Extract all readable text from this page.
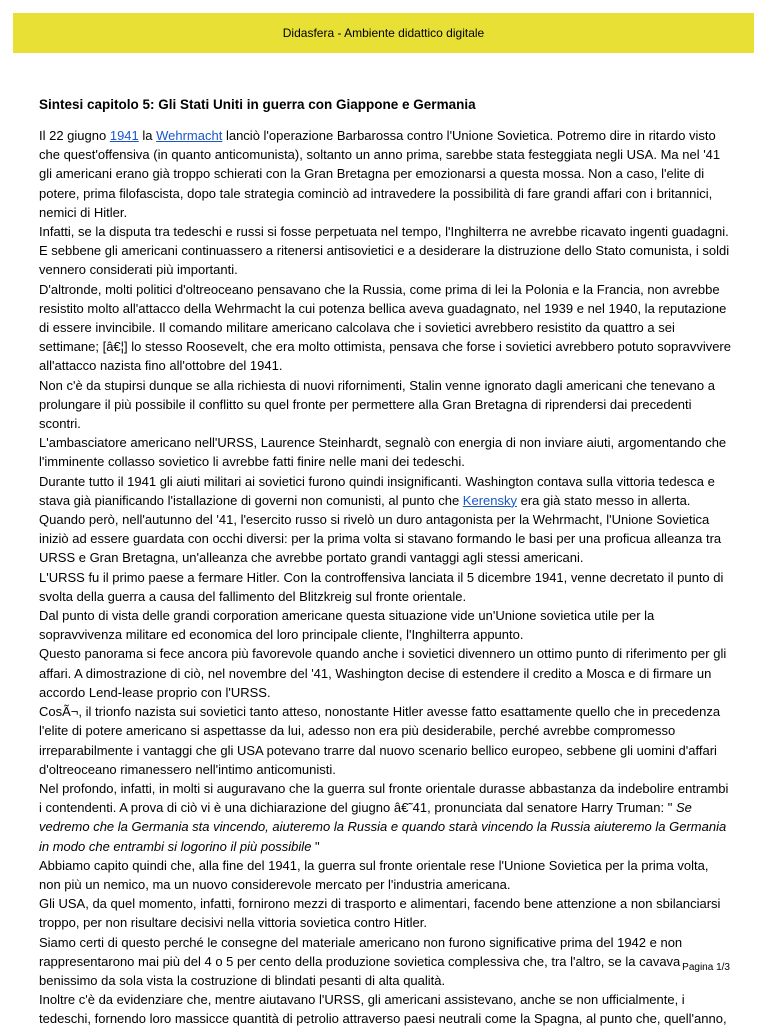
Didasfera - Ambiente didattico digitale
Sintesi capitolo 5: Gli Stati Uniti in guerra con Giappone e Germania

Il 22 giugno 1941 la Wehrmacht lanciò l'operazione Barbarossa contro l'Unione Sovietica. Potremo dire in ritardo visto che quest'offensiva (in quanto anticomunista), soltanto un anno prima, sarebbe stata festeggiata negli USA. Ma nel '41 gli americani erano già troppo schierati con la Gran Bretagna per emozionarsi a questa mossa. Non a caso, l'elite di potere, prima filofascista, dopo tale strategia cominciò ad intravedere la possibilità di fare grandi affari con i britannici, nemici di Hitler.

Infatti, se la disputa tra tedeschi e russi si fosse perpetuata nel tempo, l'Inghilterra ne avrebbe ricavato ingenti guadagni. E sebbene gli americani continuassero a ritenersi antisovietici e a desiderare la distruzione dello Stato comunista, i soldi vennero considerati più importanti.

D'altronde, molti politici d'oltreoceano pensavano che la Russia, come prima di lei la Polonia e la Francia, non avrebbe resistito molto all'attacco della Wehrmacht la cui potenza bellica aveva guadagnato, nel 1939 e nel 1940, la reputazione di essere invincibile. Il comando militare americano calcolava che i sovietici avrebbero resistito da quattro a sei settimane; [â€¦] lo stesso Roosevelt, che era molto ottimista, pensava che forse i sovietici avrebbero potuto sopravvivere all'attacco nazista fino all'ottobre del 1941.

Non c'è da stupirsi dunque se alla richiesta di nuovi rifornimenti, Stalin venne ignorato dagli americani che tenevano a prolungare il più possibile il conflitto su quel fronte per permettere alla Gran Bretagna di riprendersi dai precedenti scontri.

L'ambasciatore americano nell'URSS, Laurence Steinhardt, segnalò con energia di non inviare aiuti, argomentando che l'imminente collasso sovietico li avrebbe fatti finire nelle mani dei tedeschi.

Durante tutto il 1941 gli aiuti militari ai sovietici furono quindi insignificanti. Washington contava sulla vittoria tedesca e stava già pianificando l'istallazione di governi non comunisti, al punto che Kerensky era già stato messo in allerta.

Quando però, nell'autunno del '41, l'esercito russo si rivelò un duro antagonista per la Wehrmacht, l'Unione Sovietica iniziò ad essere guardata con occhi diversi: per la prima volta si stavano formando le basi per una proficua alleanza tra URSS e Gran Bretagna, un'alleanza che avrebbe portato grandi vantaggi agli stessi americani.

L'URSS fu il primo paese a fermare Hitler. Con la controffensiva lanciata il 5 dicembre 1941, venne decretato il punto di svolta della guerra a causa del fallimento del Blitzkreig sul fronte orientale.

Dal punto di vista delle grandi corporation americane questa situazione vide un'Unione sovietica utile per la sopravvivenza militare ed economica del loro principale cliente, l'Inghilterra appunto.

Questo panorama si fece ancora più favorevole quando anche i sovietici divennero un ottimo punto di riferimento per gli affari. A dimostrazione di ciò, nel novembre del '41, Washington decise di estendere il credito a Mosca e di firmare un accordo Lend-lease proprio con l'URSS.

CosÃ¬, il trionfo nazista sui sovietici tanto atteso, nonostante Hitler avesse fatto esattamente quello che in precedenza l'elite di potere americano si aspettasse da lui, adesso non era più desiderabile, perché avrebbe compromesso irreparabilmente i vantaggi che gli USA potevano trarre dal nuovo scenario bellico europeo, sebbene gli uomini d'affari d'oltreoceano rimanessero nell'intimo anticomunisti.

Nel profondo, infatti, in molti si auguravano che la guerra sul fronte orientale durasse abbastanza da indebolire entrambi i contendenti. A prova di ciò vi è una dichiarazione del giugno â€˜41, pronunciata dal senatore Harry Truman: " Se vedremo che la Germania sta vincendo, aiuteremo la Russia e quando starà vincendo la Russia aiuteremo la Germania in modo che entrambi si logorino il più possibile "

Abbiamo capito quindi che, alla fine del 1941, la guerra sul fronte orientale rese l'Unione Sovietica per la prima volta, non più un nemico, ma un nuovo considerevole mercato per l'industria americana.

Gli USA, da quel momento, infatti, fornirono mezzi di trasporto e alimentari, facendo bene attenzione a non sbilanciarsi troppo, per non risultare decisivi nella vittoria sovietica contro Hitler.

Siamo certi di questo perché le consegne del materiale americano non furono significative prima del 1942 e non rappresentarono mai più del 4 o 5 per cento della produzione sovietica complessiva che, tra l'altro, se la cavava benissimo da sola vista la costruzione di blindati pesanti di alta qualità.

Inoltre c'è da evidenziare che, mentre aiutavano l'URSS, gli americani assistevano, anche se non ufficialmente, i tedeschi, fornendo loro massicce quantità di petrolio attraverso paesi neutrali come la Spagna, al punto che, quell'anno,

Pagina 1/3
